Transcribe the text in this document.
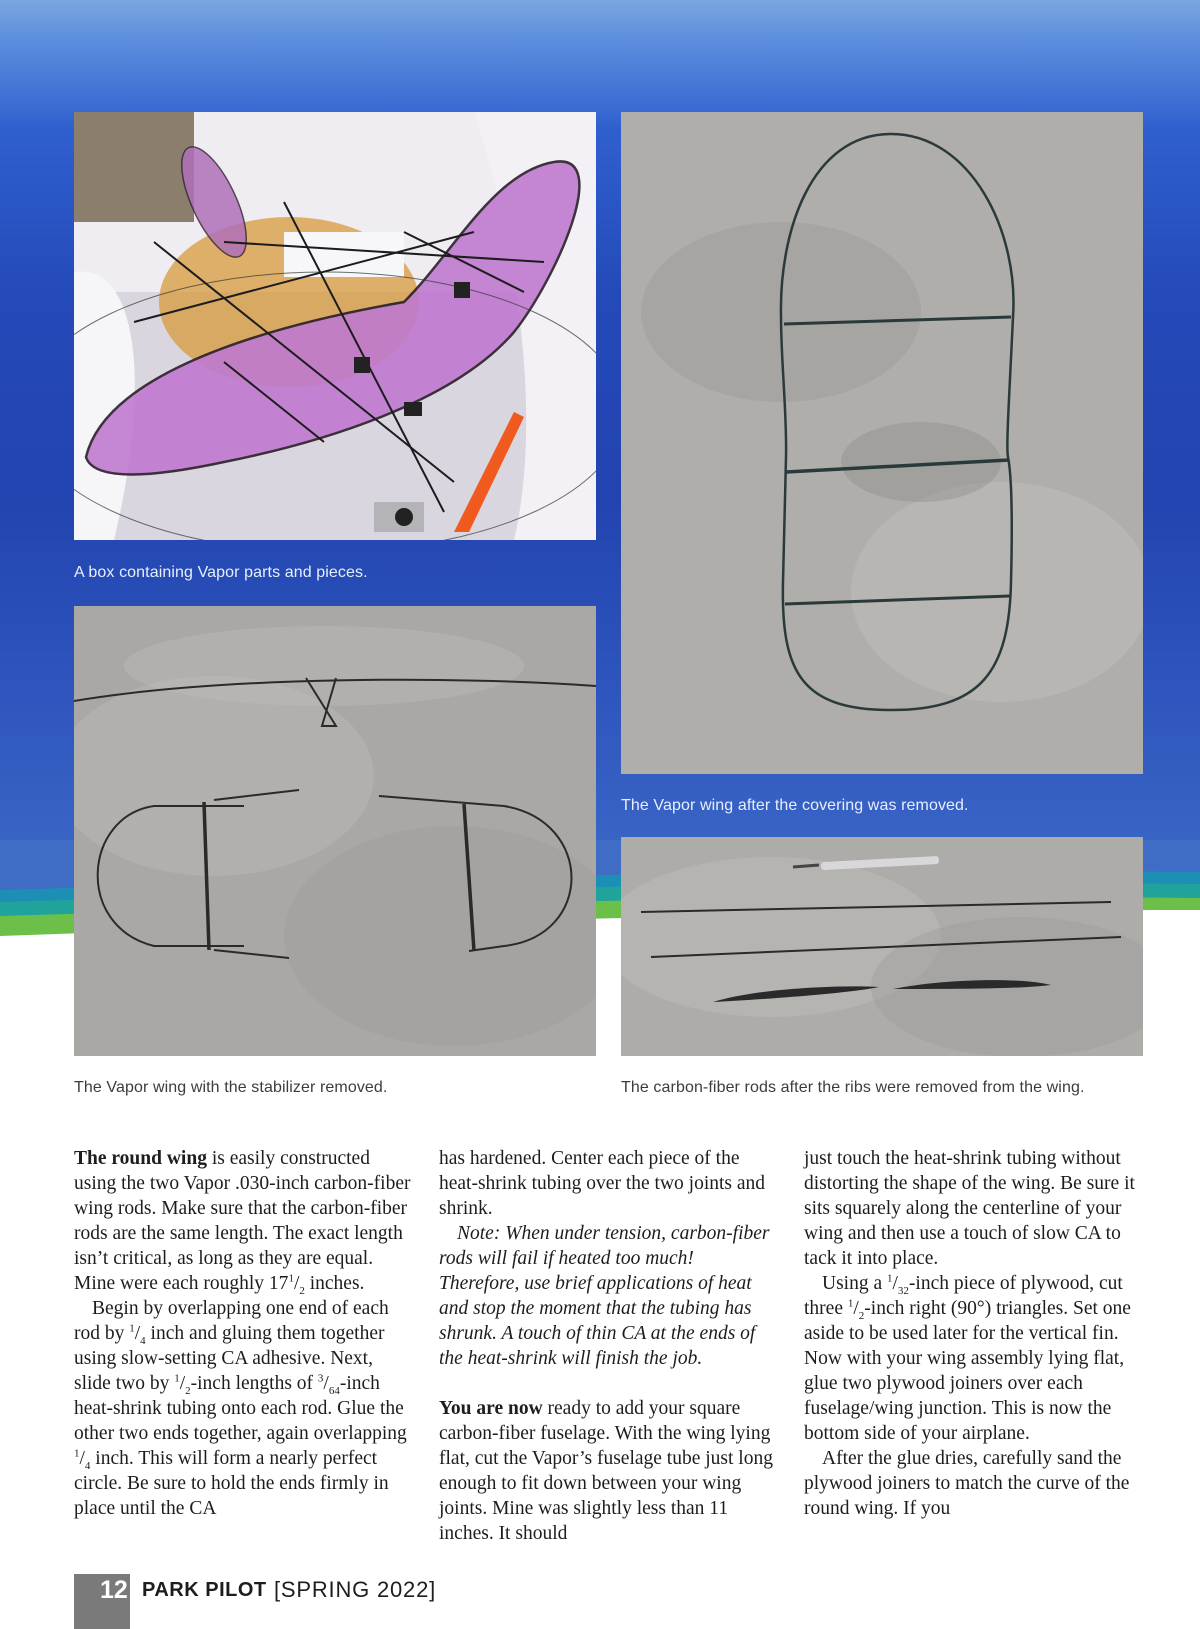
A box containing Vapor parts and pieces.
The Vapor wing after the covering was removed.
The Vapor wing with the stabilizer removed.	The carbon-fiber rods after the ribs were removed from the wing.

The round wing is easily constructed using the two Vapor .030-inch carbon-fiber wing rods. Make sure that the carbon-fiber rods are the same length. The exact length isn’t critical, as long as they are equal. Mine were each roughly $17^1/_2$ inches.

Begin by overlapping one end of each rod by $^1/_4$ inch and gluing them together using slow-setting CA adhesive. Next, slide two by $^1/_2$-inch lengths of $^3/_{64}$-inch heat-shrink tubing onto each rod. Glue the other two ends together, again overlapping $^1/_4$ inch. This will form a nearly perfect circle. Be sure to hold the ends firmly in place until the CA

has hardened. Center each piece of the heat-shrink tubing over the two joints and shrink.

Note: When under tension, carbon-fiber rods will fail if heated too much! Therefore, use brief applications of heat and stop the moment that the tubing has shrunk. A touch of thin CA at the ends of the heat-shrink will finish the job.

You are now ready to add your square carbon-fiber fuselage. With the wing lying flat, cut the Vapor’s fuselage tube just long enough to fit down between your wing joints. Mine was slightly less than 11 inches. It should

just touch the heat-shrink tubing without distorting the shape of the wing. Be sure it sits squarely along the centerline of your wing and then use a touch of slow CA to tack it into place.

Using a $^1/_{32}$-inch piece of plywood, cut three $^1/_2$-inch right (90°) triangles. Set one aside to be used later for the vertical fin. Now with your wing assembly lying flat, glue two plywood joiners over each fuselage/wing junction. This is now the bottom side of your airplane.

After the glue dries, carefully sand the plywood joiners to match the curve of the round wing. If you

12 PARK PILOT [SPRING 2022]
